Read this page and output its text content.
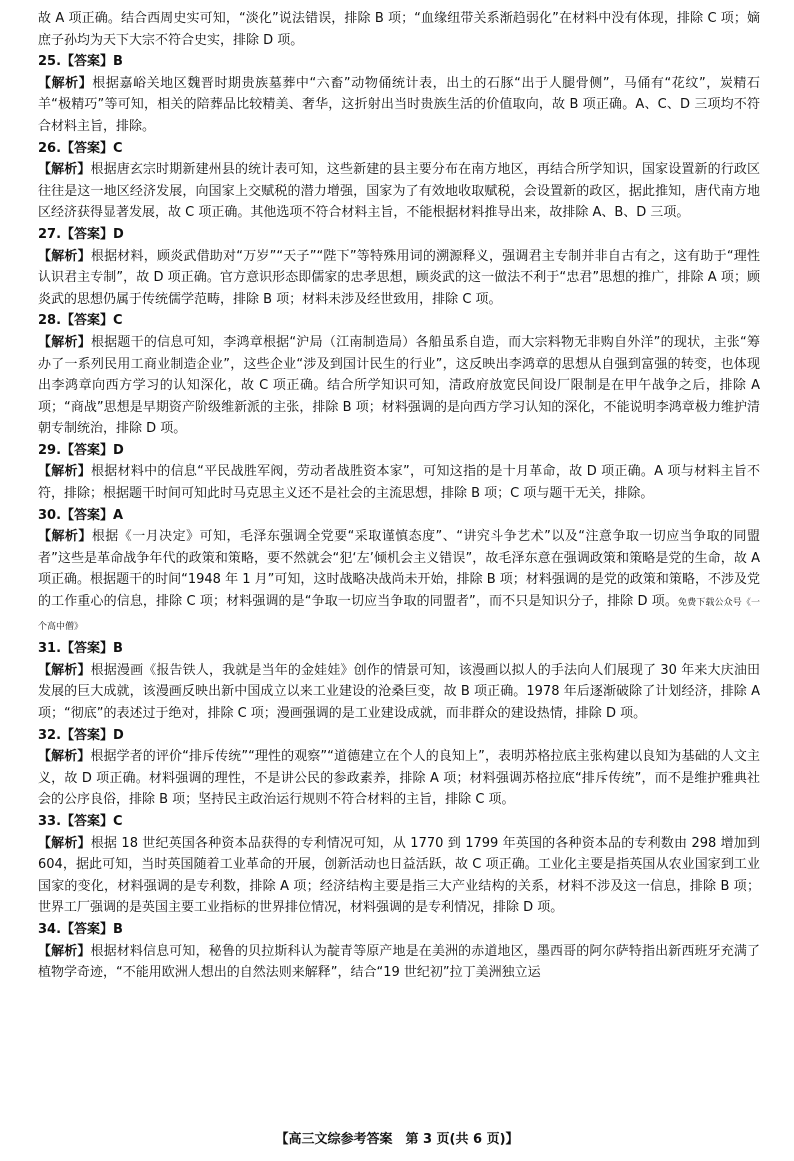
故 A 项正确。结合西周史实可知，“淡化”说法错误，排除 B 项；“血缘纽带关系渐趋弱化”在材料中没有体现，排除 C 项；嫡庶子孙均为天下大宗不符合史实，排除 D 项。

25.【答案】B

【解析】根据嘉峪关地区魏晋时期贵族墓葬中“六畜”动物俑统计表，出土的石豚“出于人腿骨侧”，马俑有“花纹”，炭精石羊“极精巧”等可知，相关的陪葬品比较精美、奢华，这折射出当时贵族生活的价值取向，故 B 项正确。A、C、D 三项均不符合材料主旨，排除。

26.【答案】C

【解析】根据唐玄宗时期新建州县的统计表可知，这些新建的县主要分布在南方地区，再结合所学知识，国家设置新的行政区往往是这一地区经济发展，向国家上交赋税的潜力增强，国家为了有效地收取赋税，会设置新的政区，据此推知，唐代南方地区经济获得显著发展，故 C 项正确。其他选项不符合材料主旨，不能根据材料推导出来，故排除 A、B、D 三项。

27.【答案】D

【解析】根据材料，顾炎武借助对“万岁”“天子”“陛下”等特殊用词的溯源释义，强调君主专制并非自古有之，这有助于“理性认识君主专制”，故 D 项正确。官方意识形态即儒家的忠孝思想，顾炎武的这一做法不利于“忠君”思想的推广，排除 A 项；顾炎武的思想仍属于传统儒学范畴，排除 B 项；材料未涉及经世致用，排除 C 项。

28.【答案】C

【解析】根据题干的信息可知，李鸿章根据“沪局（江南制造局）各船虽系自造，而大宗料物无非购自外洋”的现状，主张“筹办了一系列民用工商业制造企业”，这些企业“涉及到国计民生的行业”，这反映出李鸿章的思想从自强到富强的转变，也体现出李鸿章向西方学习的认知深化，故 C 项正确。结合所学知识可知，清政府放宽民间设厂限制是在甲午战争之后，排除 A 项；“商战”思想是早期资产阶级维新派的主张，排除 B 项；材料强调的是向西方学习认知的深化，不能说明李鸿章极力维护清朝专制统治，排除 D 项。

29.【答案】D

【解析】根据材料中的信息“平民战胜军阀，劳动者战胜资本家”，可知这指的是十月革命，故 D 项正确。A 项与材料主旨不符，排除；根据题干时间可知此时马克思主义还不是社会的主流思想，排除 B 项；C 项与题干无关，排除。

30.【答案】A

【解析】根据《一月决定》可知，毛泽东强调全党要“采取谨慎态度”、“讲究斗争艺术”以及“注意争取一切应当争取的同盟者”这些是革命战争年代的政策和策略，要不然就会“犯‘左’倾机会主义错误”，故毛泽东意在强调政策和策略是党的生命，故 A 项正确。根据题干的时间“1948 年 1 月”可知，这时战略决战尚未开始，排除 B 项；材料强调的是党的政策和策略，不涉及党的工作重心的信息，排除 C 项；材料强调的是“争取一切应当争取的同盟者”，而不只是知识分子，排除 D 项。免费下载公众号《一个高中僧》

31.【答案】B

【解析】根据漫画《报告铁人，我就是当年的金娃娃》创作的情景可知，该漫画以拟人的手法向人们展现了 30 年来大庆油田发展的巨大成就，该漫画反映出新中国成立以来工业建设的沧桑巨变，故 B 项正确。1978 年后逐渐破除了计划经济，排除 A 项；“彻底”的表述过于绝对，排除 C 项；漫画强调的是工业建设成就，而非群众的建设热情，排除 D 项。

32.【答案】D

【解析】根据学者的评价“排斥传统”“理性的观察”“道德建立在个人的良知上”，表明苏格拉底主张构建以良知为基础的人文主义，故 D 项正确。材料强调的理性，不是讲公民的参政素养，排除 A 项；材料强调苏格拉底“排斥传统”，而不是维护雅典社会的公序良俗，排除 B 项；坚持民主政治运行规则不符合材料的主旨，排除 C 项。

33.【答案】C

【解析】根据 18 世纪英国各种资本品获得的专利情况可知，从 1770 到 1799 年英国的各种资本品的专利数由 298 增加到 604，据此可知，当时英国随着工业革命的开展，创新活动也日益活跃，故 C 项正确。工业化主要是指英国从农业国家到工业国家的变化，材料强调的是专利数，排除 A 项；经济结构主要是指三大产业结构的关系，材料不涉及这一信息，排除 B 项；世界工厂强调的是英国主要工业指标的世界排位情况，材料强调的是专利情况，排除 D 项。

34.【答案】B

【解析】根据材料信息可知，秘鲁的贝拉斯科认为靛青等原产地是在美洲的赤道地区，墨西哥的阿尔萨特指出新西班牙充满了植物学奇迹，“不能用欧洲人想出的自然法则来解释”，结合“19 世纪初”拉丁美洲独立运

【高三文综参考答案　第 3 页(共 6 页)】
